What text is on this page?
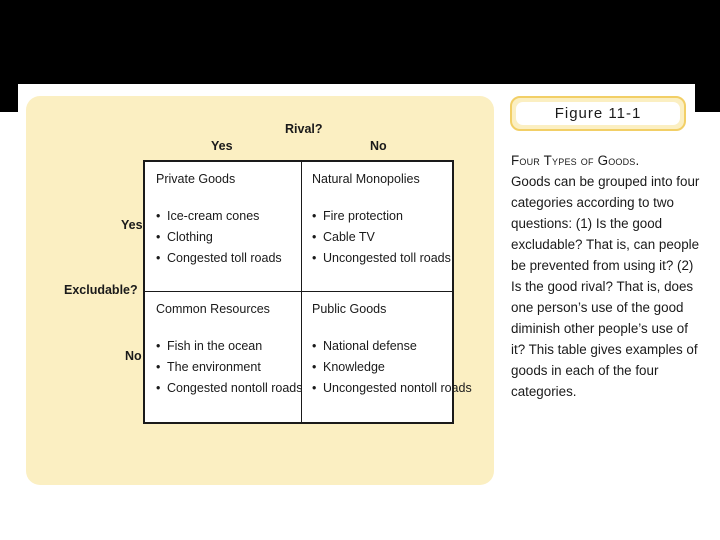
Rival?
Yes	No
Yes
Excludable?
No
Private Goods
• Ice-cream cones
• Clothing
• Congested toll roads
Natural Monopolies
• Fire protection
• Cable TV
• Uncongested toll roads
Common Resources
• Fish in the ocean
• The environment
• Congested nontoll roads
Public Goods
• National defense
• Knowledge
• Uncongested nontoll roads
Figure 11-1
Four Types of Goods.
Goods can be grouped into four categories according to two questions: (1) Is the good excludable? That is, can people be prevented from using it? (2) Is the good rival? That is, does one person’s use of the good diminish other people’s use of it? This table gives examples of goods in each of the four categories.
